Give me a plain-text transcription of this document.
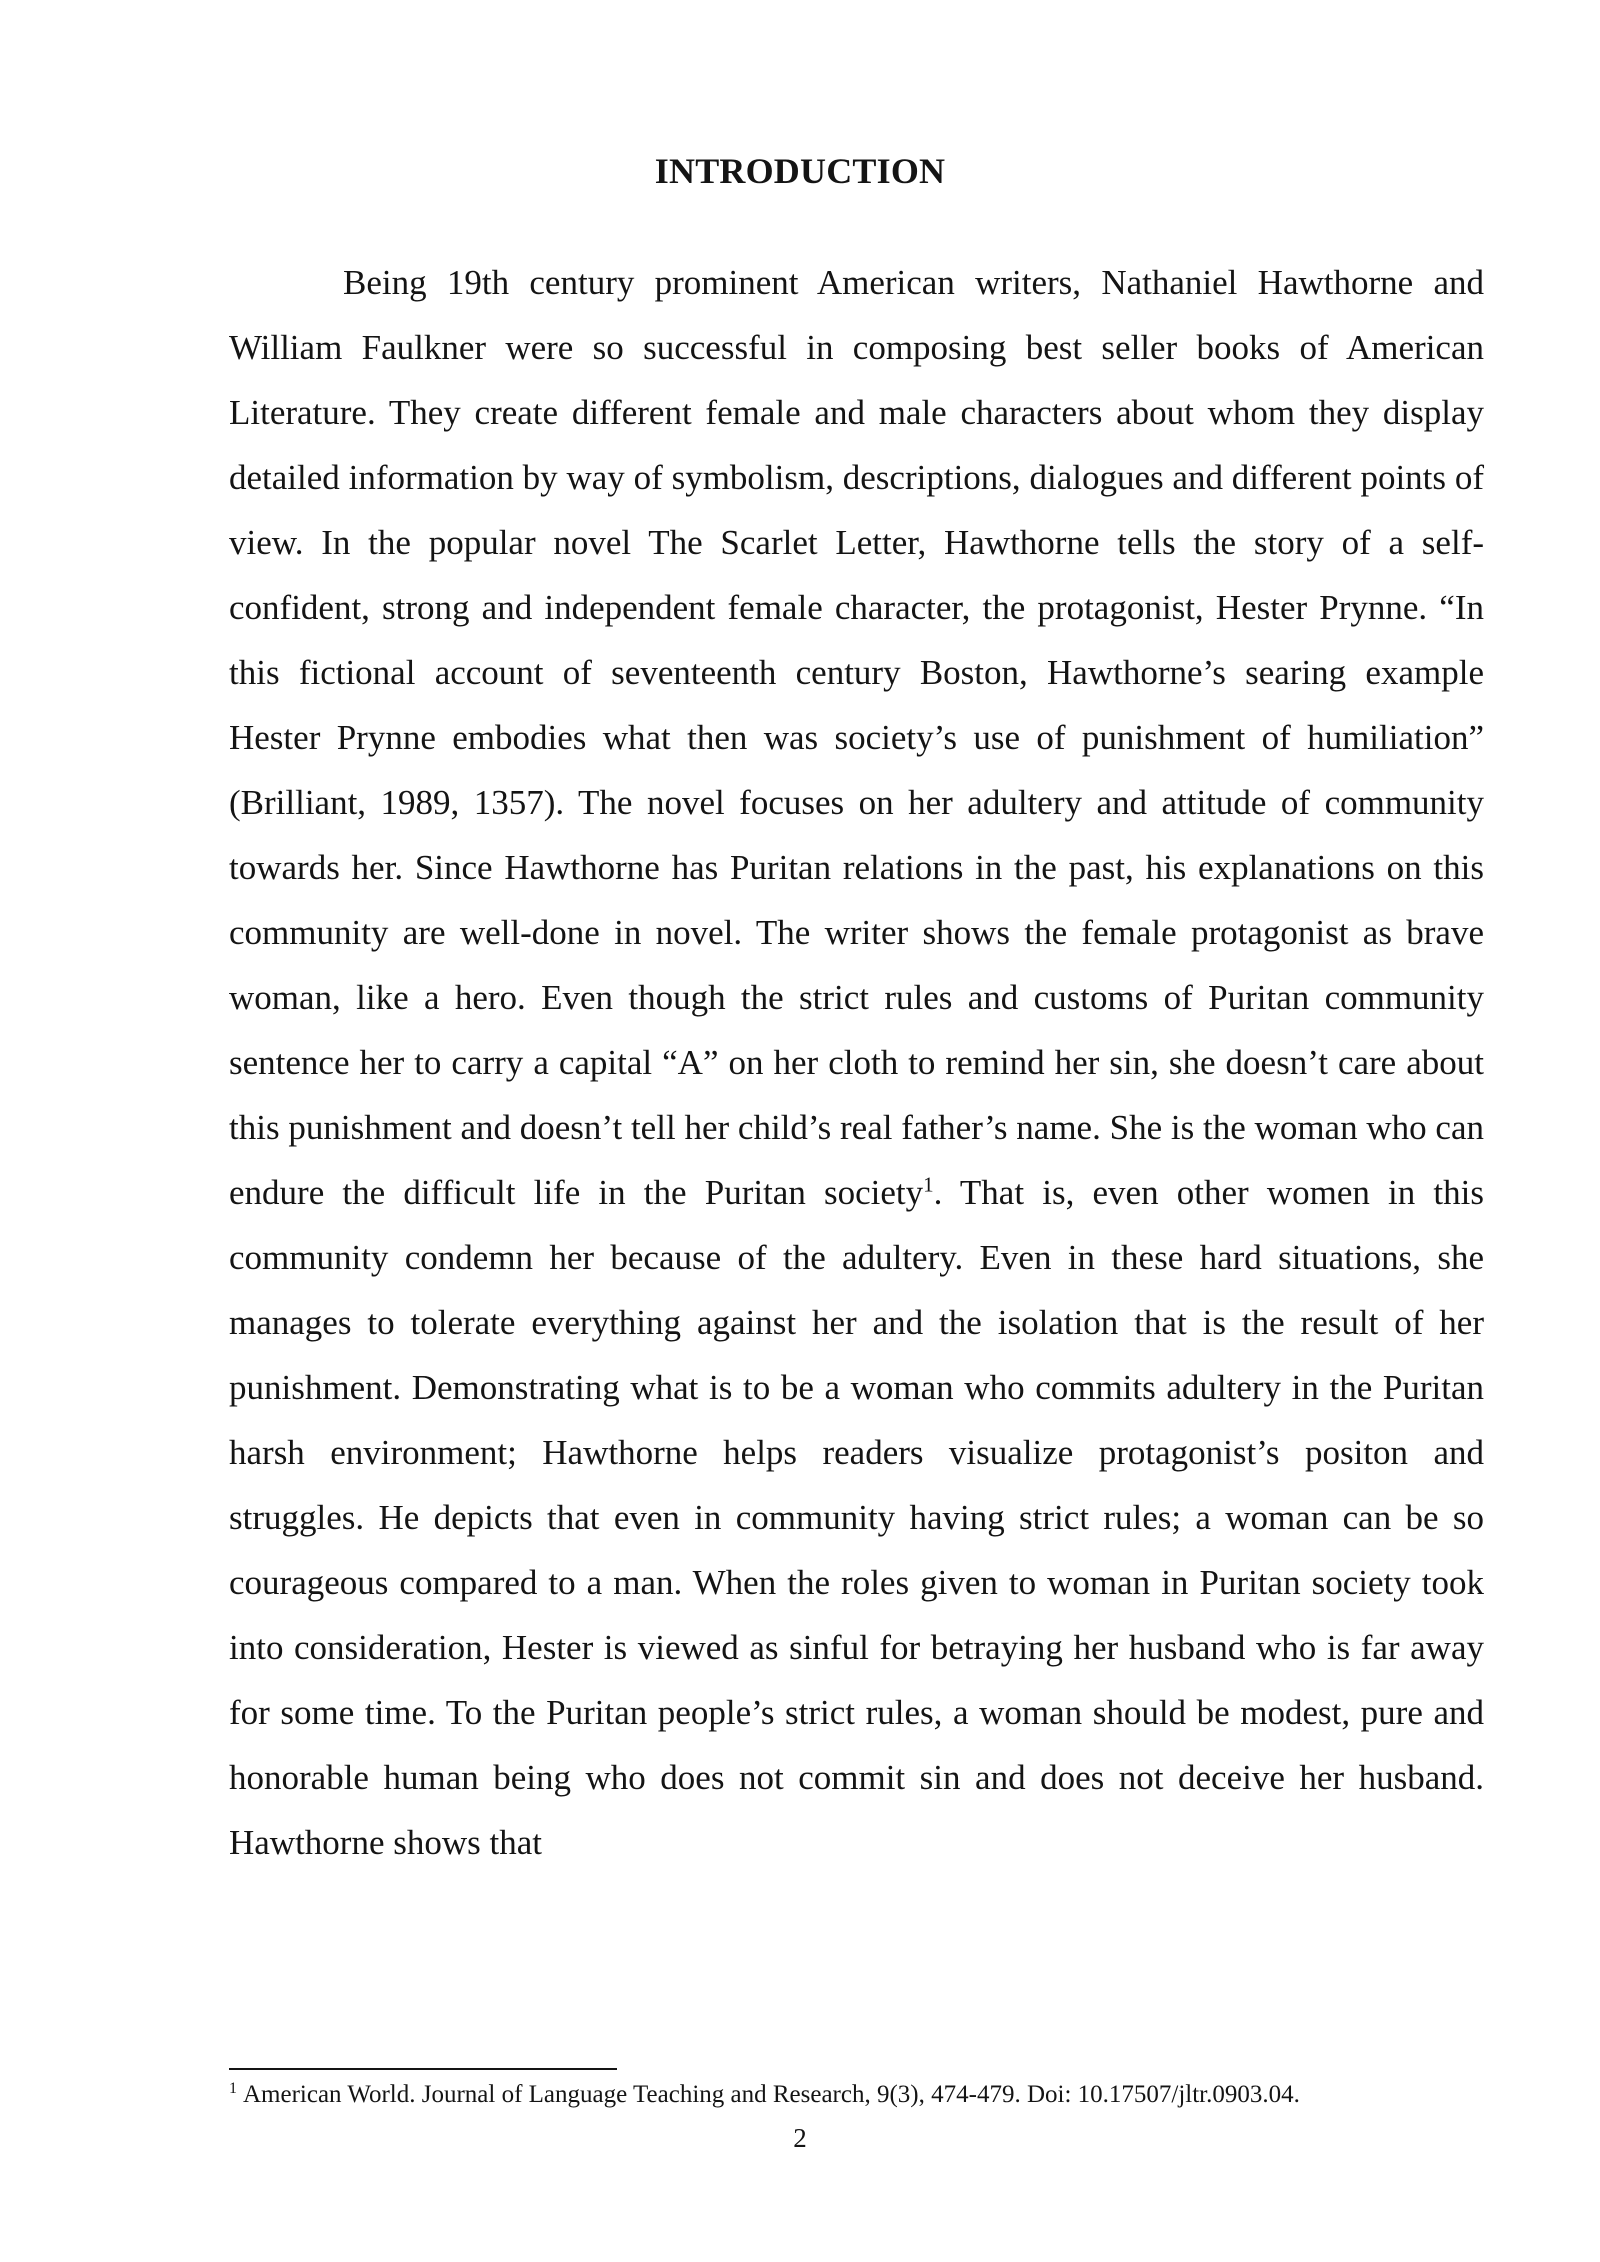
INTRODUCTION

Being 19th century prominent American writers, Nathaniel Hawthorne and William Faulkner were so successful in composing best seller books of American Literature. They create different female and male characters about whom they display detailed information by way of symbolism, descriptions, dialogues and different points of view. In the popular novel The Scarlet Letter, Hawthorne tells the story of a self-confident, strong and independent female character, the protagonist, Hester Prynne. “In this fictional account of seventeenth century Boston, Hawthorne’s searing example Hester Prynne embodies what then was society’s use of punishment of humiliation” (Brilliant, 1989, 1357). The novel focuses on her adultery and attitude of community towards her. Since Hawthorne has Puritan relations in the past, his explanations on this community are well-done in novel. The writer shows the female protagonist as brave woman, like a hero. Even though the strict rules and customs of Puritan community sentence her to carry a capital “A” on her cloth to remind her sin, she doesn’t care about this punishment and doesn’t tell her child’s real father’s name. She is the woman who can endure the difficult life in the Puritan society$^1$. That is, even other women in this community condemn her because of the adultery. Even in these hard situations, she manages to tolerate everything against her and the isolation that is the result of her punishment. Demonstrating what is to be a woman who commits adultery in the Puritan harsh environment; Hawthorne helps readers visualize protagonist’s positon and struggles. He depicts that even in community having strict rules; a woman can be so courageous compared to a man. When the roles given to woman in Puritan society took into consideration, Hester is viewed as sinful for betraying her husband who is far away for some time. To the Puritan people’s strict rules, a woman should be modest, pure and honorable human being who does not commit sin and does not deceive her husband. Hawthorne shows that

$^1$ American World. Journal of Language Teaching and Research, 9(3), 474-479. Doi: 10.17507/jltr.0903.04.

2
